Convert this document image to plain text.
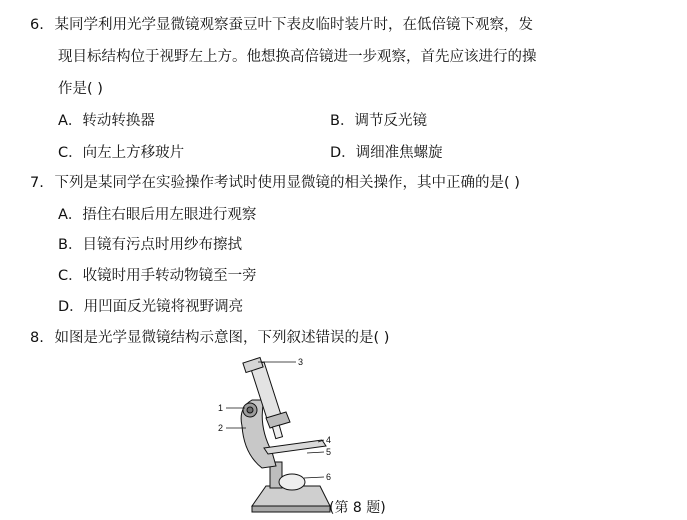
6. 某同学利用光学显微镜观察蚕豆叶下表皮临时装片时，在低倍镜下观察，发
现目标结构位于视野左上方。他想换高倍镜进一步观察，首先应该进行的操
作是( )
A．转动转换器	B．调节反光镜
C．向左上方移玻片	D．调细准焦螺旋
7. 下列是某同学在实验操作考试时使用显微镜的相关操作，其中正确的是( )
A．捂住右眼后用左眼进行观察
B．目镜有污点时用纱布擦拭
C．收镜时用手转动物镜至一旁
D．用凹面反光镜将视野调亮
8. 如图是光学显微镜结构示意图，下列叙述错误的是( )
1
2
3
4
5
6
(第 8 题)
